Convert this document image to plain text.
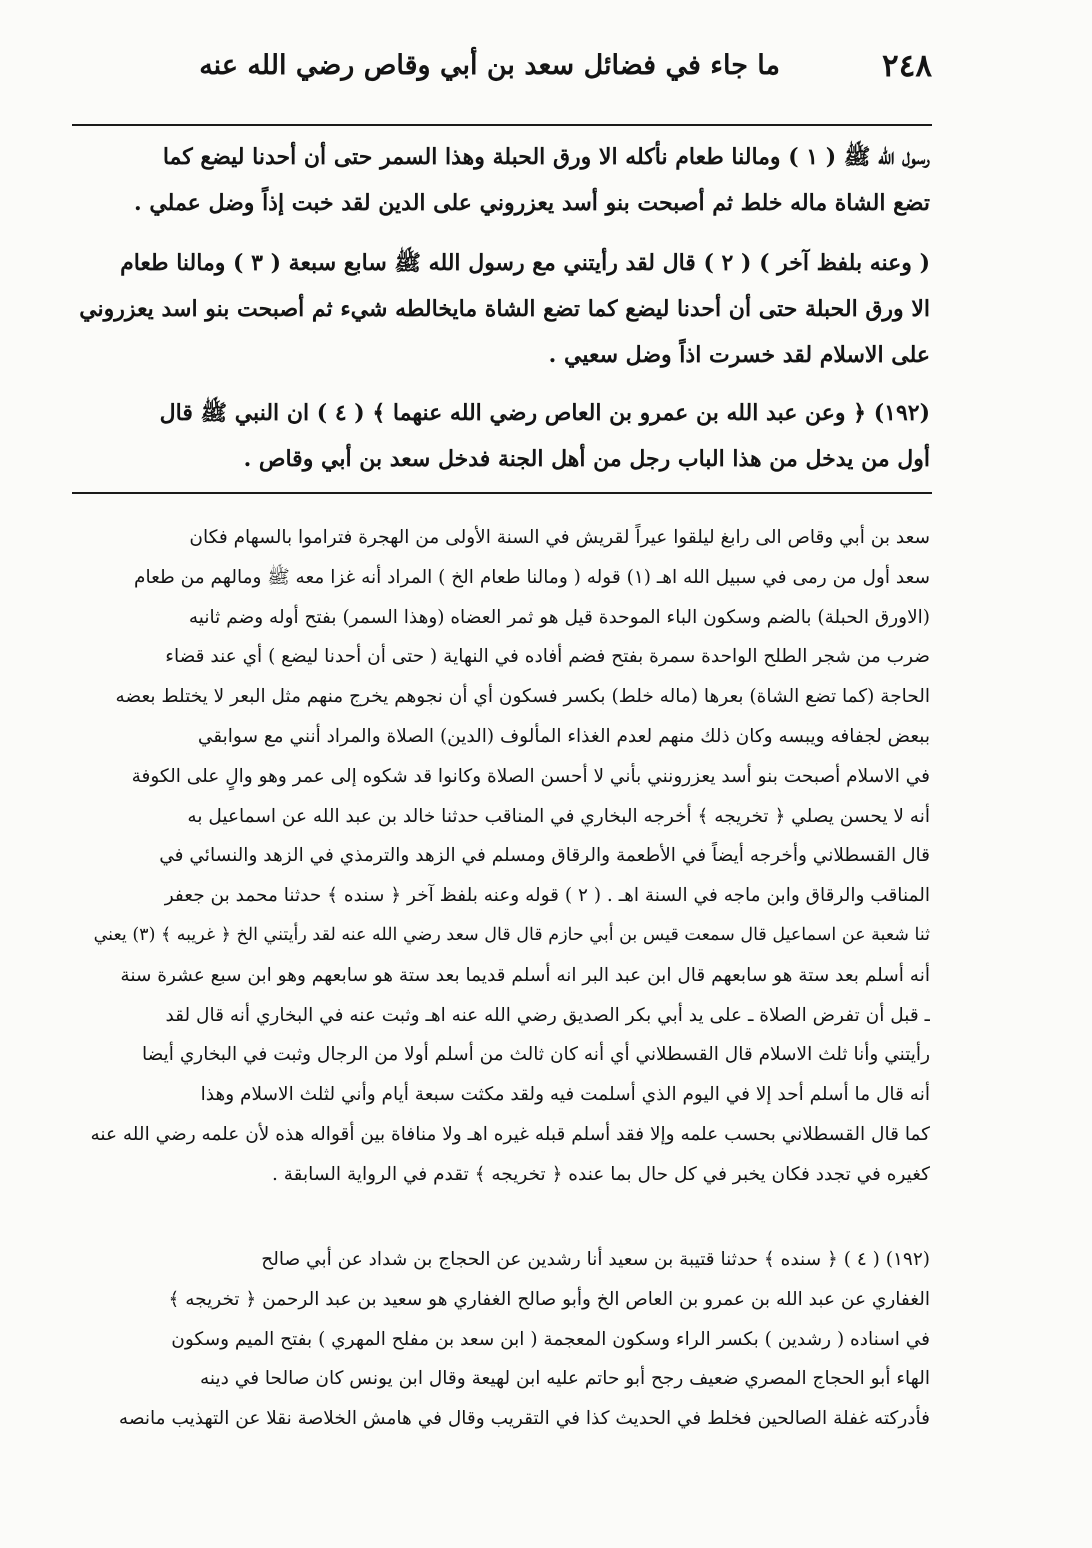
٢٤٨
ما جاء في فضائل سعد بن أبي وقاص رضي الله عنه
رسول الله ﷺ ( ١ ) ومالنا طعام نأكله الا ورق الحبلة وهذا السمر حتى أن أحدنا ليضع كما
تضع الشاة ماله خلط ثم أصبحت بنو أسد يعزروني على الدين لقد خبت إذاً وضل عملي .
( وعنه بلفظ آخر ) ( ٢ ) قال لقد رأيتني مع رسول الله ﷺ سابع سبعة ( ٣ ) ومالنا طعام
الا ورق الحبلة حتى أن أحدنا ليضع كما تضع الشاة مايخالطه شيء ثم أصبحت بنو اسد يعزروني
على الاسلام لقد خسرت اذاً وضل سعيي .
(١٩٢) ﴿ وعن عبد الله بن عمرو بن العاص رضي الله عنهما ﴾ ( ٤ ) ان النبي ﷺ قال
أول من يدخل من هذا الباب رجل من أهل الجنة فدخل سعد بن أبي وقاص .
سعد بن أبي وقاص الى رابغ ليلقوا عيراً لقريش في السنة الأولى من الهجرة فتراموا بالسهام فكان
سعد أول من رمى في سبيل الله اهـ (١) قوله ( ومالنا طعام الخ ) المراد أنه غزا معه ﷺ ومالهم من طعام
(الاورق الحبلة) بالضم وسكون الباء الموحدة قيل هو ثمر العضاه (وهذا السمر) بفتح أوله وضم ثانيه
ضرب من شجر الطلح الواحدة سمرة بفتح فضم أفاده في النهاية ( حتى أن أحدنا ليضع ) أي عند قضاء
الحاجة (كما تضع الشاة) بعرها (ماله خلط) بكسر فسكون أي أن نجوهم يخرج منهم مثل البعر لا يختلط بعضه
ببعض لجفافه ويبسه وكان ذلك منهم لعدم الغذاء المألوف (الدين) الصلاة والمراد أنني مع سوابقي
في الاسلام أصبحت بنو أسد يعزرونني بأني لا أحسن الصلاة وكانوا قد شكوه إلى عمر وهو والٍ على الكوفة
أنه لا يحسن يصلي ﴿ تخريجه ﴾ أخرجه البخاري في المناقب حدثنا خالد بن عبد الله عن اسماعيل به
قال القسطلاني وأخرجه أيضاً في الأطعمة والرقاق ومسلم في الزهد والترمذي في الزهد والنسائي في
المناقب والرقاق وابن ماجه في السنة اهـ . ( ٢ ) قوله وعنه بلفظ آخر ﴿ سنده ﴾ حدثنا محمد بن جعفر
ثنا شعبة عن اسماعيل قال سمعت قيس بن أبي حازم قال قال سعد رضي الله عنه لقد رأيتني الخ ﴿ غريبه ﴾ (٣) يعني
أنه أسلم بعد ستة هو سابعهم قال ابن عبد البر انه أسلم قديما بعد ستة هو سابعهم وهو ابن سبع عشرة سنة
ـ قبل أن تفرض الصلاة ـ على يد أبي بكر الصديق رضي الله عنه اهـ وثبت عنه في البخاري أنه قال لقد
رأيتني وأنا ثلث الاسلام قال القسطلاني أي أنه كان ثالث من أسلم أولا من الرجال وثبت في البخاري أيضا
أنه قال ما أسلم أحد إلا في اليوم الذي أسلمت فيه ولقد مكثت سبعة أيام وأني لثلث الاسلام وهذا
كما قال القسطلاني بحسب علمه وإلا فقد أسلم قبله غيره اهـ ولا منافاة بين أقواله هذه لأن علمه رضي الله عنه
كغيره في تجدد فكان يخبر في كل حال بما عنده ﴿ تخريجه ﴾ تقدم في الرواية السابقة .
(١٩٢) ( ٤ ) ﴿ سنده ﴾ حدثنا قتيبة بن سعيد أنا رشدين عن الحجاج بن شداد عن أبي صالح
الغفاري عن عبد الله بن عمرو بن العاص الخ وأبو صالح الغفاري هو سعيد بن عبد الرحمن ﴿ تخريجه ﴾
في اسناده ( رشدين ) بكسر الراء وسكون المعجمة ( ابن سعد بن مفلح المهري ) بفتح الميم وسكون
الهاء أبو الحجاج المصري ضعيف رجح أبو حاتم عليه ابن لهيعة وقال ابن يونس كان صالحا في دينه
فأدركته غفلة الصالحين فخلط في الحديث كذا في التقريب وقال في هامش الخلاصة نقلا عن التهذيب مانصه
